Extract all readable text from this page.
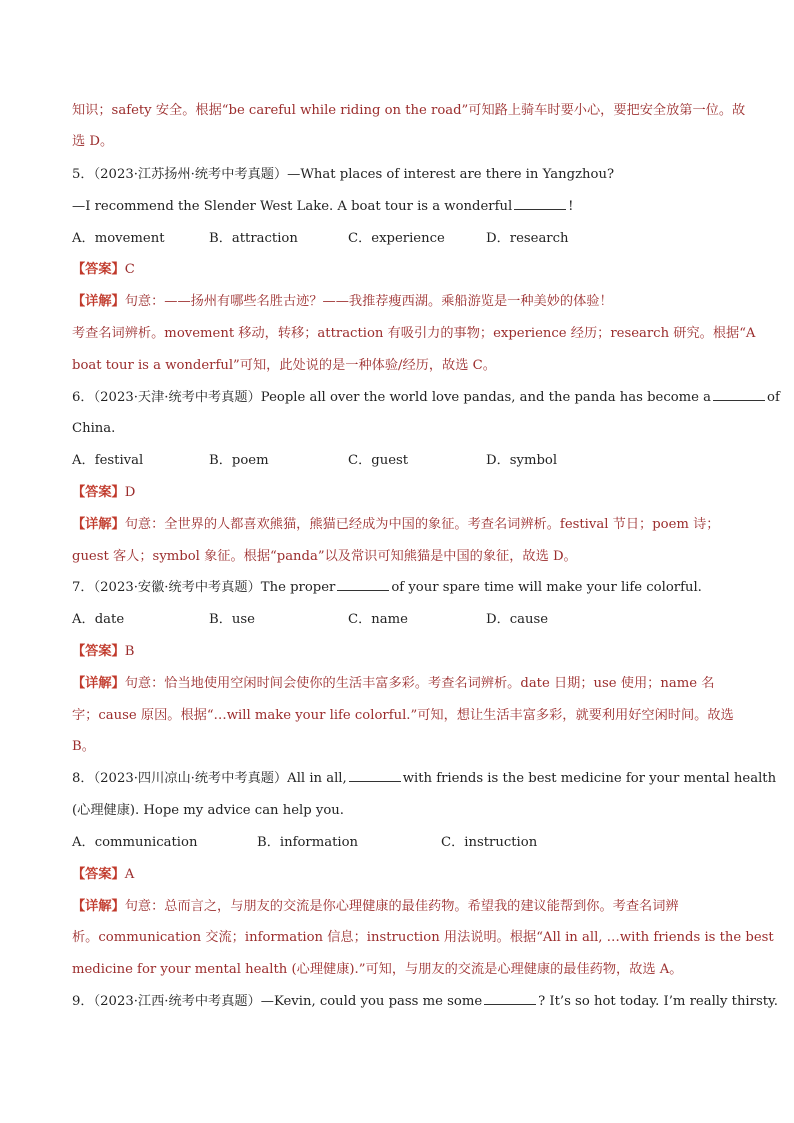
知识；safety 安全。根据“be careful while riding on the road”可知路上骑车时要小心，要把安全放第一位。故
选 D。
5．（2023·江苏扬州·统考中考真题）—What places of interest are there in Yangzhou?
—I recommend the Slender West Lake. A boat tour is a wonderful	!
A．movement	B．attraction	C．experience	D．research
【答案】C
【详解】句意：——扬州有哪些名胜古迹？——我推荐瘦西湖。乘船游览是一种美妙的体验！
考查名词辨析。movement 移动，转移；attraction 有吸引力的事物；experience 经历；research 研究。根据“A
boat tour is a wonderful”可知，此处说的是一种体验/经历，故选 C。
6．（2023·天津·统考中考真题）People all over the world love pandas, and the panda has become a	of
China.
A．festival	B．poem	C．guest	D．symbol
【答案】D
【详解】句意：全世界的人都喜欢熊猫，熊猫已经成为中国的象征。考查名词辨析。festival 节日；poem 诗；
guest 客人；symbol 象征。根据“panda”以及常识可知熊猫是中国的象征，故选 D。
7．（2023·安徽·统考中考真题）The proper	of your spare time will make your life colorful.
A．date	B．use	C．name	D．cause
【答案】B
【详解】句意：恰当地使用空闲时间会使你的生活丰富多彩。考查名词辨析。date 日期；use 使用；name 名
字；cause 原因。根据“…will make your life colorful.”可知，想让生活丰富多彩，就要利用好空闲时间。故选
B。
8．（2023·四川凉山·统考中考真题）All in all,	with friends is the best medicine for your mental health
(心理健康). Hope my advice can help you.
A．communication	B．information	C．instruction
【答案】A
【详解】句意：总而言之，与朋友的交流是你心理健康的最佳药物。希望我的建议能帮到你。考查名词辨
析。communication 交流；information 信息；instruction 用法说明。根据“All in all, …with friends is the best
medicine for your mental health (心理健康).”可知，与朋友的交流是心理健康的最佳药物，故选 A。
9．（2023·江西·统考中考真题）—Kevin, could you pass me some	? It’s so hot today. I’m really thirsty.
